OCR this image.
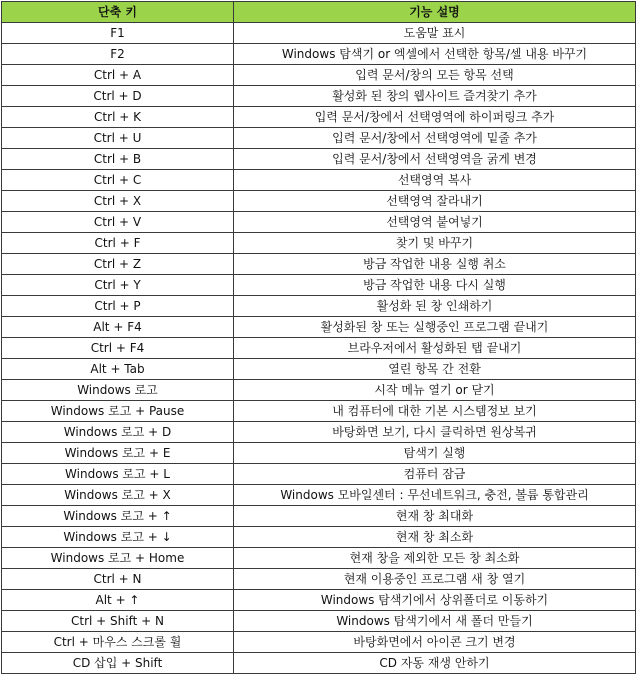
단축 키	기능 설명
F1	도움말 표시
F2	Windows 탐색기 or 엑셀에서 선택한 항목/셀 내용 바꾸기
Ctrl + A	입력 문서/창의 모든 항목 선택
Ctrl + D	활성화 된 창의 웹사이트 즐겨찾기 추가
Ctrl + K	입력 문서/창에서 선택영역에 하이퍼링크 추가
Ctrl + U	입력 문서/창에서 선택영역에 밑줄 추가
Ctrl + B	입력 문서/창에서 선택영역을 굵게 변경
Ctrl + C	선택영역 복사
Ctrl + X	선택영역 잘라내기
Ctrl + V	선택영역 붙여넣기
Ctrl + F	찾기 및 바꾸기
Ctrl + Z	방금 작업한 내용 실행 취소
Ctrl + Y	방금 작업한 내용 다시 실행
Ctrl + P	활성화 된 창 인쇄하기
Alt + F4	활성화된 창 또는 실행중인 프로그램 끝내기
Ctrl + F4	브라우저에서 활성화된 탭 끝내기
Alt + Tab	열린 항목 간 전환
Windows 로고	시작 메뉴 열기 or 닫기
Windows 로고 + Pause	내 컴퓨터에 대한 기본 시스템정보 보기
Windows 로고 + D	바탕화면 보기, 다시 클릭하면 원상복귀
Windows 로고 + E	탐색기 실행
Windows 로고 + L	컴퓨터 잠금
Windows 로고 + X	Windows 모바일센터 : 무선네트워크, 충전, 볼륨 통합관리
Windows 로고 + ↑	현재 창 최대화
Windows 로고 + ↓	현재 창 최소화
Windows 로고 + Home	현재 창을 제외한 모든 창 최소화
Ctrl + N	현재 이용중인 프로그램 새 창 열기
Alt + ↑	Windows 탐색기에서 상위폴더로 이동하기
Ctrl + Shift + N	Windows 탐색기에서 새 폴더 만들기
Ctrl + 마우스 스크롤 휠	바탕화면에서 아이콘 크기 변경
CD 삽입 + Shift	CD 자동 재생 안하기
